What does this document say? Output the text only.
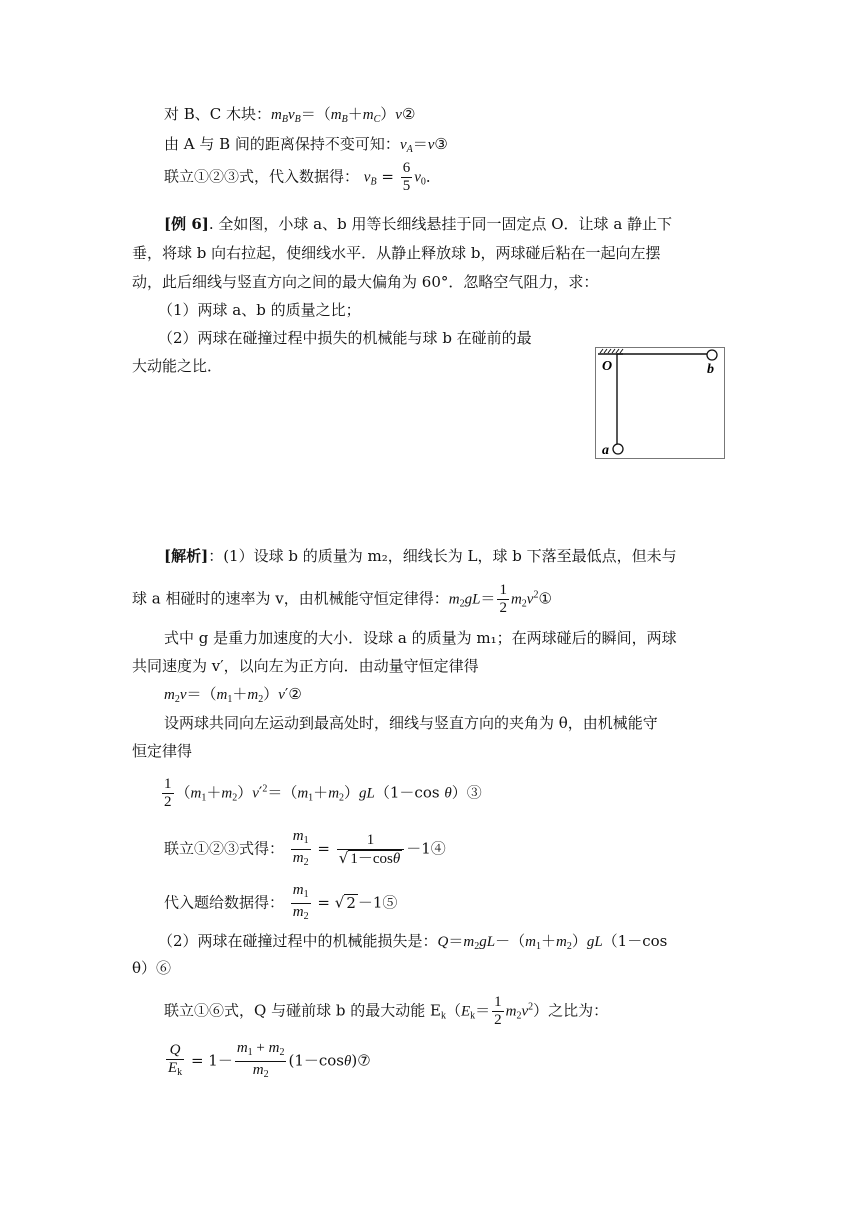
对 B、C 木块：$m_Bv_B=(m_B+m_C)v②$
由 A 与 B 间的距离保持不变可知：$v_A=v③$
联立①②③式，代入数据得： $v_B = \frac{6}{5} v_0$．
[例 6]. 全如图，小球 a、b 用等长细线悬挂于同一固定点 O．让球 a 静止下
垂，将球 b 向右拉起，使细线水平．从静止释放球 b，两球碰后粘在一起向左摆
动，此后细线与竖直方向之间的最大偏角为 60°．忽略空气阻力，求：
（1）两球 a、b 的质量之比；
（2）两球在碰撞过程中损失的机械能与球 b 在碰前的最
大动能之比．	O	b
a
[解析]：(1）设球 b 的质量为 m₂，细线长为 L，球 b 下落至最低点，但未与
球 a 相碰时的速率为 v，由机械能守恒定律得：$m_2gL= \frac{1}{2}$ $m_2v^2①$
式中 g 是重力加速度的大小．设球 a 的质量为 m₁；在两球碰后的瞬间，两球
共同速度为 v′，以向左为正方向．由动量守恒定律得
$m_2v=(m_1+m_2)v'②$
设两球共同向左运动到最高处时，细线与竖直方向的夹角为 θ，由机械能守
恒定律得
$\frac{1}{2} (m_1+m_2)v'^2=(m_1+m_2)gL(1-\cos$ θ）③
联立①②③式得： $\frac{m_1}{m_2} = \frac{1}{√ 1-\cos\theta}$ －1④
代入题给数据得： $\frac{m_1}{m_2}$ = √ 2 －1⑤
（2）两球在碰撞过程中的机械能损失是：$Q=m_2gL-(m_1+m_2)gL(1-\cos$
θ）⑥
联立①⑥式，Q 与碰前球 b 的最大动能 $E_k(E_k= \frac{1}{2} m_2v^2)$之比为：
$\frac{Q}{E_k} = 1- \frac{m_1 + m_2}{m_2}$ (1－cosθ)⑦
